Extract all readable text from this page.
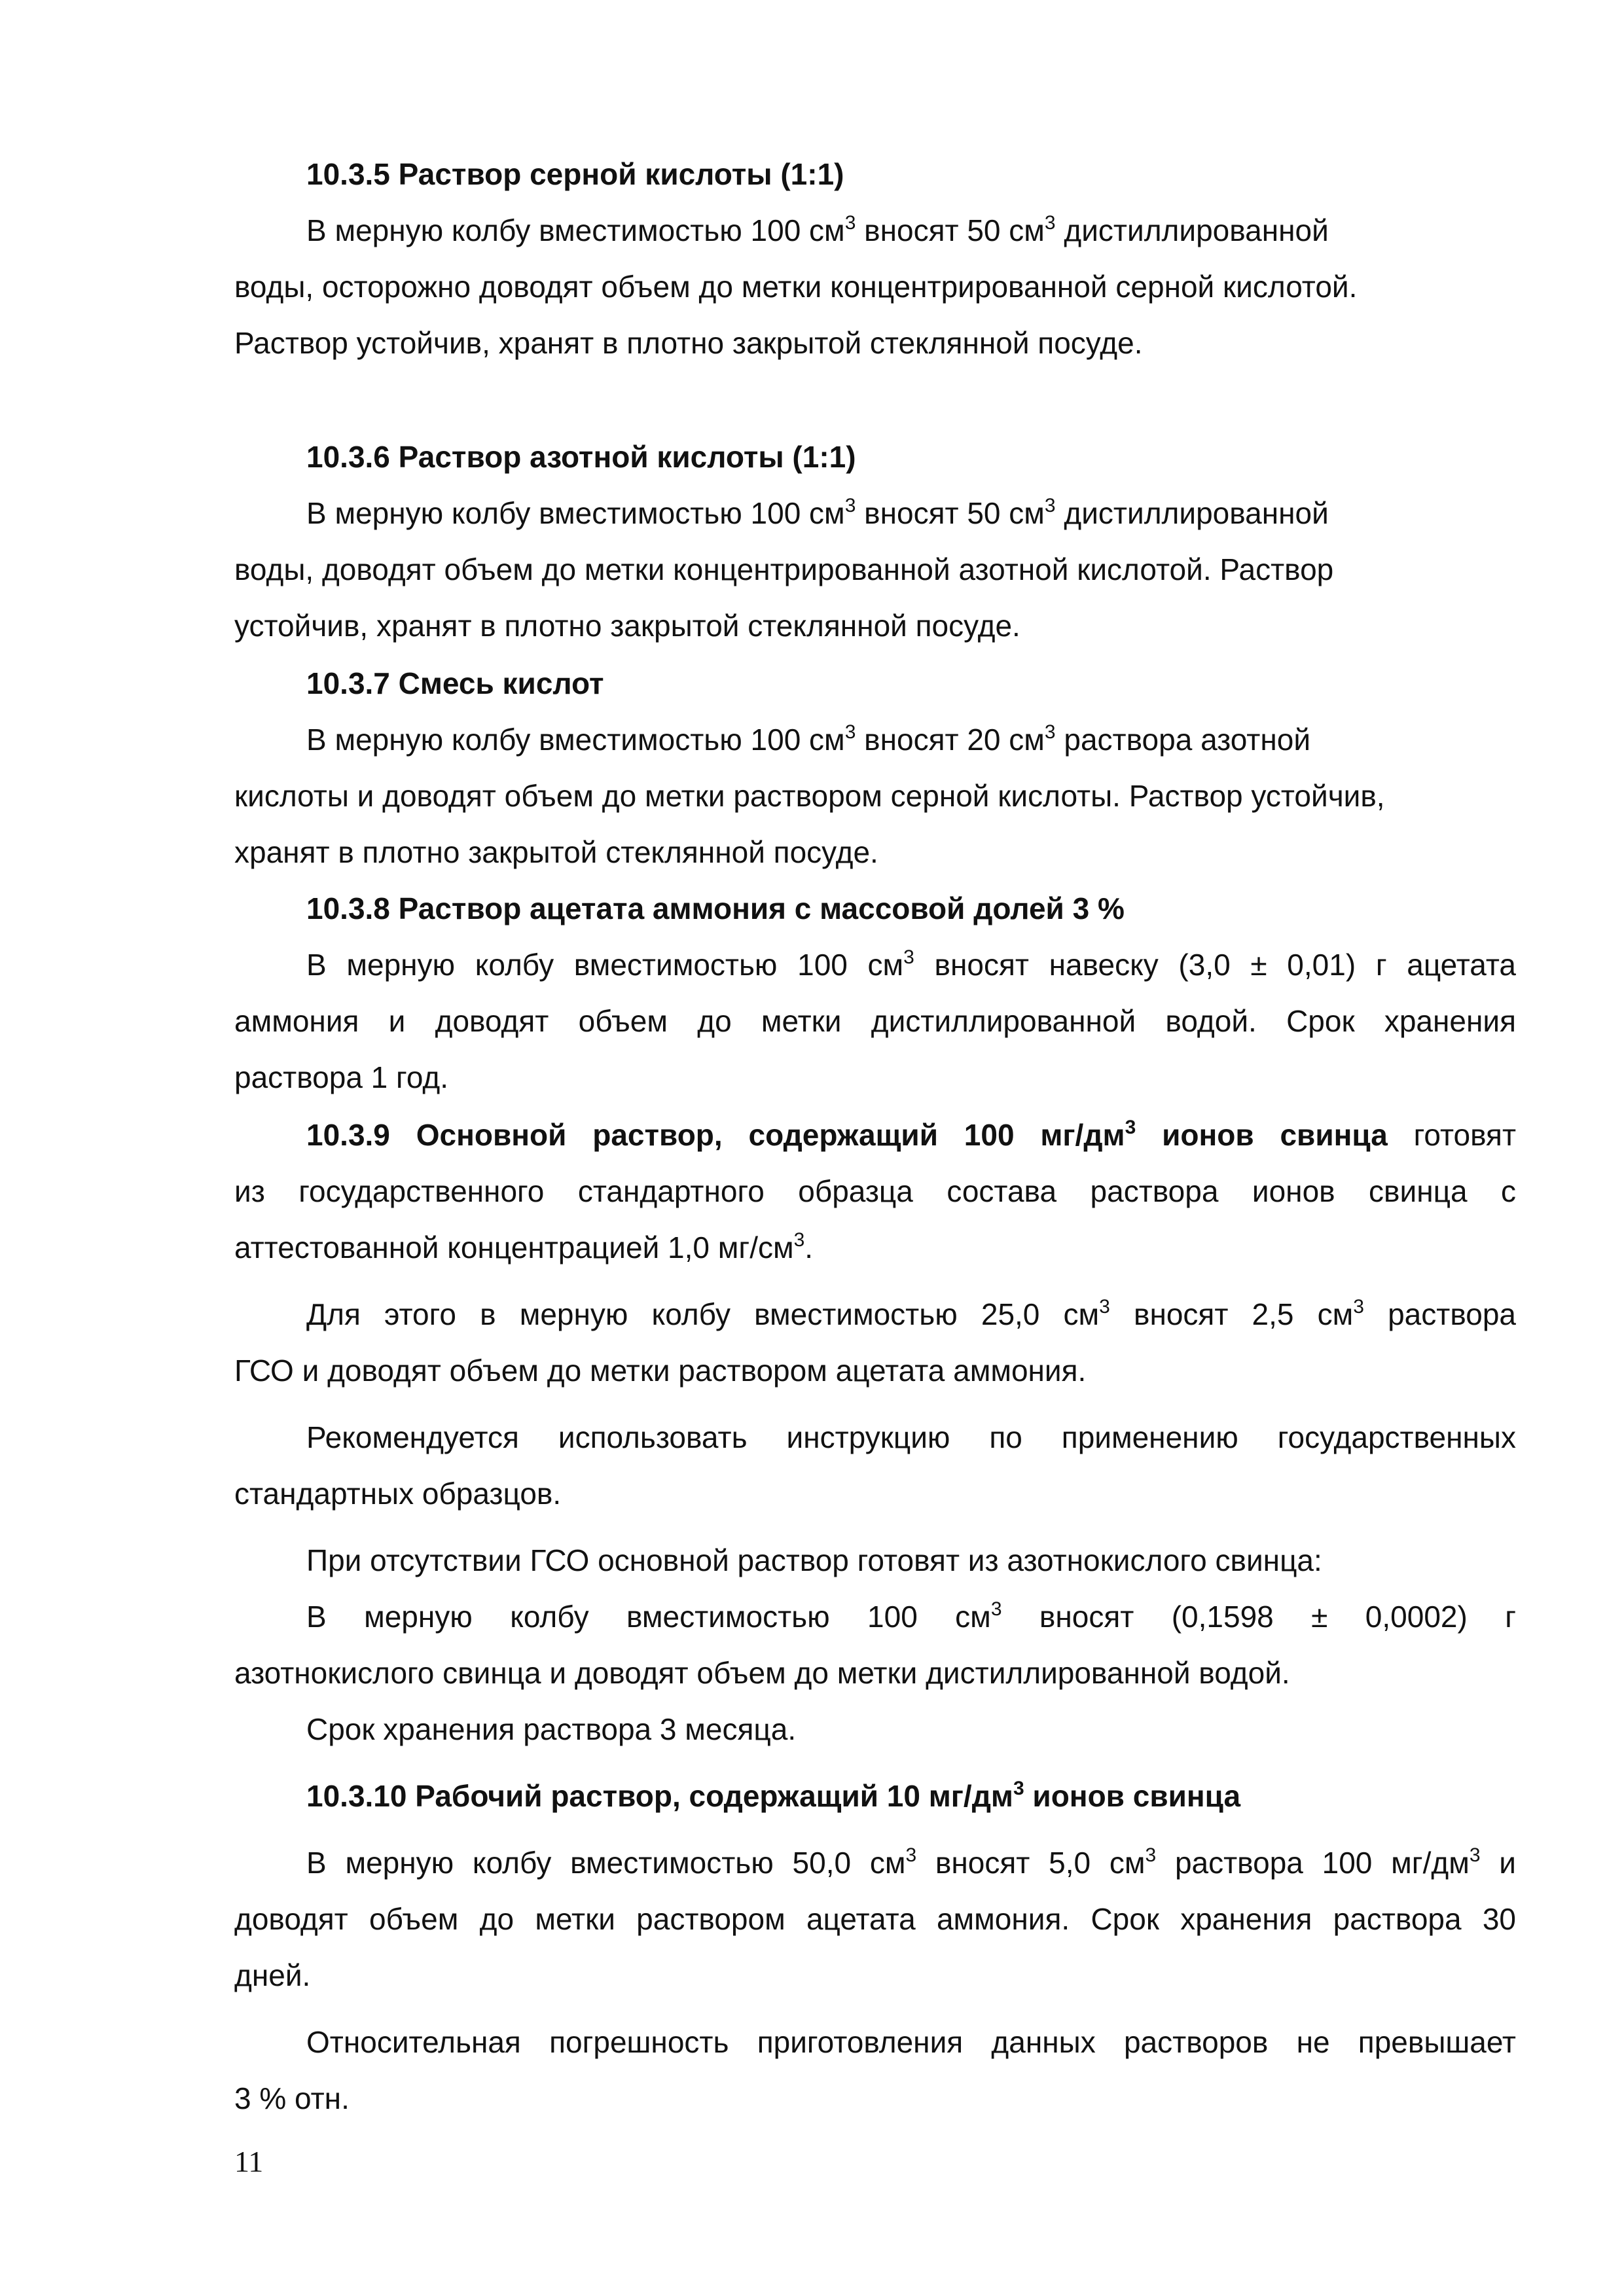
10.3.5 Раствор серной кислоты (1:1)

В мерную колбу вместимостью 100 $см^3$ вносят 50 $см^3$ дистиллированной

воды, осторожно доводят объем до метки концентрированной серной кислотой.

Раствор устойчив, хранят в плотно закрытой стеклянной посуде.

10.3.6 Раствор азотной кислоты (1:1)

В мерную колбу вместимостью 100 $см^3$ вносят 50 $см^3$ дистиллированной

воды, доводят объем до метки концентрированной азотной кислотой. Раствор

устойчив, хранят в плотно закрытой стеклянной посуде.

10.3.7 Смесь кислот

В мерную колбу вместимостью 100 $см^3$ вносят 20 $см^3$ раствора азотной

кислоты и доводят объем до метки раствором серной кислоты. Раствор устойчив,

хранят в плотно закрытой стеклянной посуде.

10.3.8 Раствор ацетата аммония с массовой долей 3 %

В мерную колбу вместимостью 100 $см^3$ вносят навеску (3,0 ± 0,01) г ацетата

аммония и доводят объем до метки дистиллированной водой. Срок хранения

раствора 1 год.

10.3.9 Основной раствор, содержащий 100 $мг/дм^3$ ионов свинца готовят

из государственного стандартного образца состава раствора ионов свинца с

аттестованной концентрацией 1,0 $мг/см^3$.

Для этого в мерную колбу вместимостью 25,0 $см^3$ вносят 2,5 $см^3$ раствора

ГСО и доводят объем до метки раствором ацетата аммония.

Рекомендуется использовать инструкцию по применению государственных

стандартных образцов.

При отсутствии ГСО основной раствор готовят из азотнокислого свинца:

В мерную колбу вместимостью 100 $см^3$ вносят (0,1598 ± 0,0002) г

азотнокислого свинца и доводят объем до метки дистиллированной водой.

Срок хранения раствора 3 месяца.

10.3.10 Рабочий раствор, содержащий 10 $мг/дм^3$ ионов свинца

В мерную колбу вместимостью 50,0 $см^3$ вносят 5,0 $см^3$ раствора 100 $мг/дм^3$ и

доводят объем до метки раствором ацетата аммония. Срок хранения раствора 30

дней.

Относительная погрешность приготовления данных растворов не превышает

3 % отн.

11
